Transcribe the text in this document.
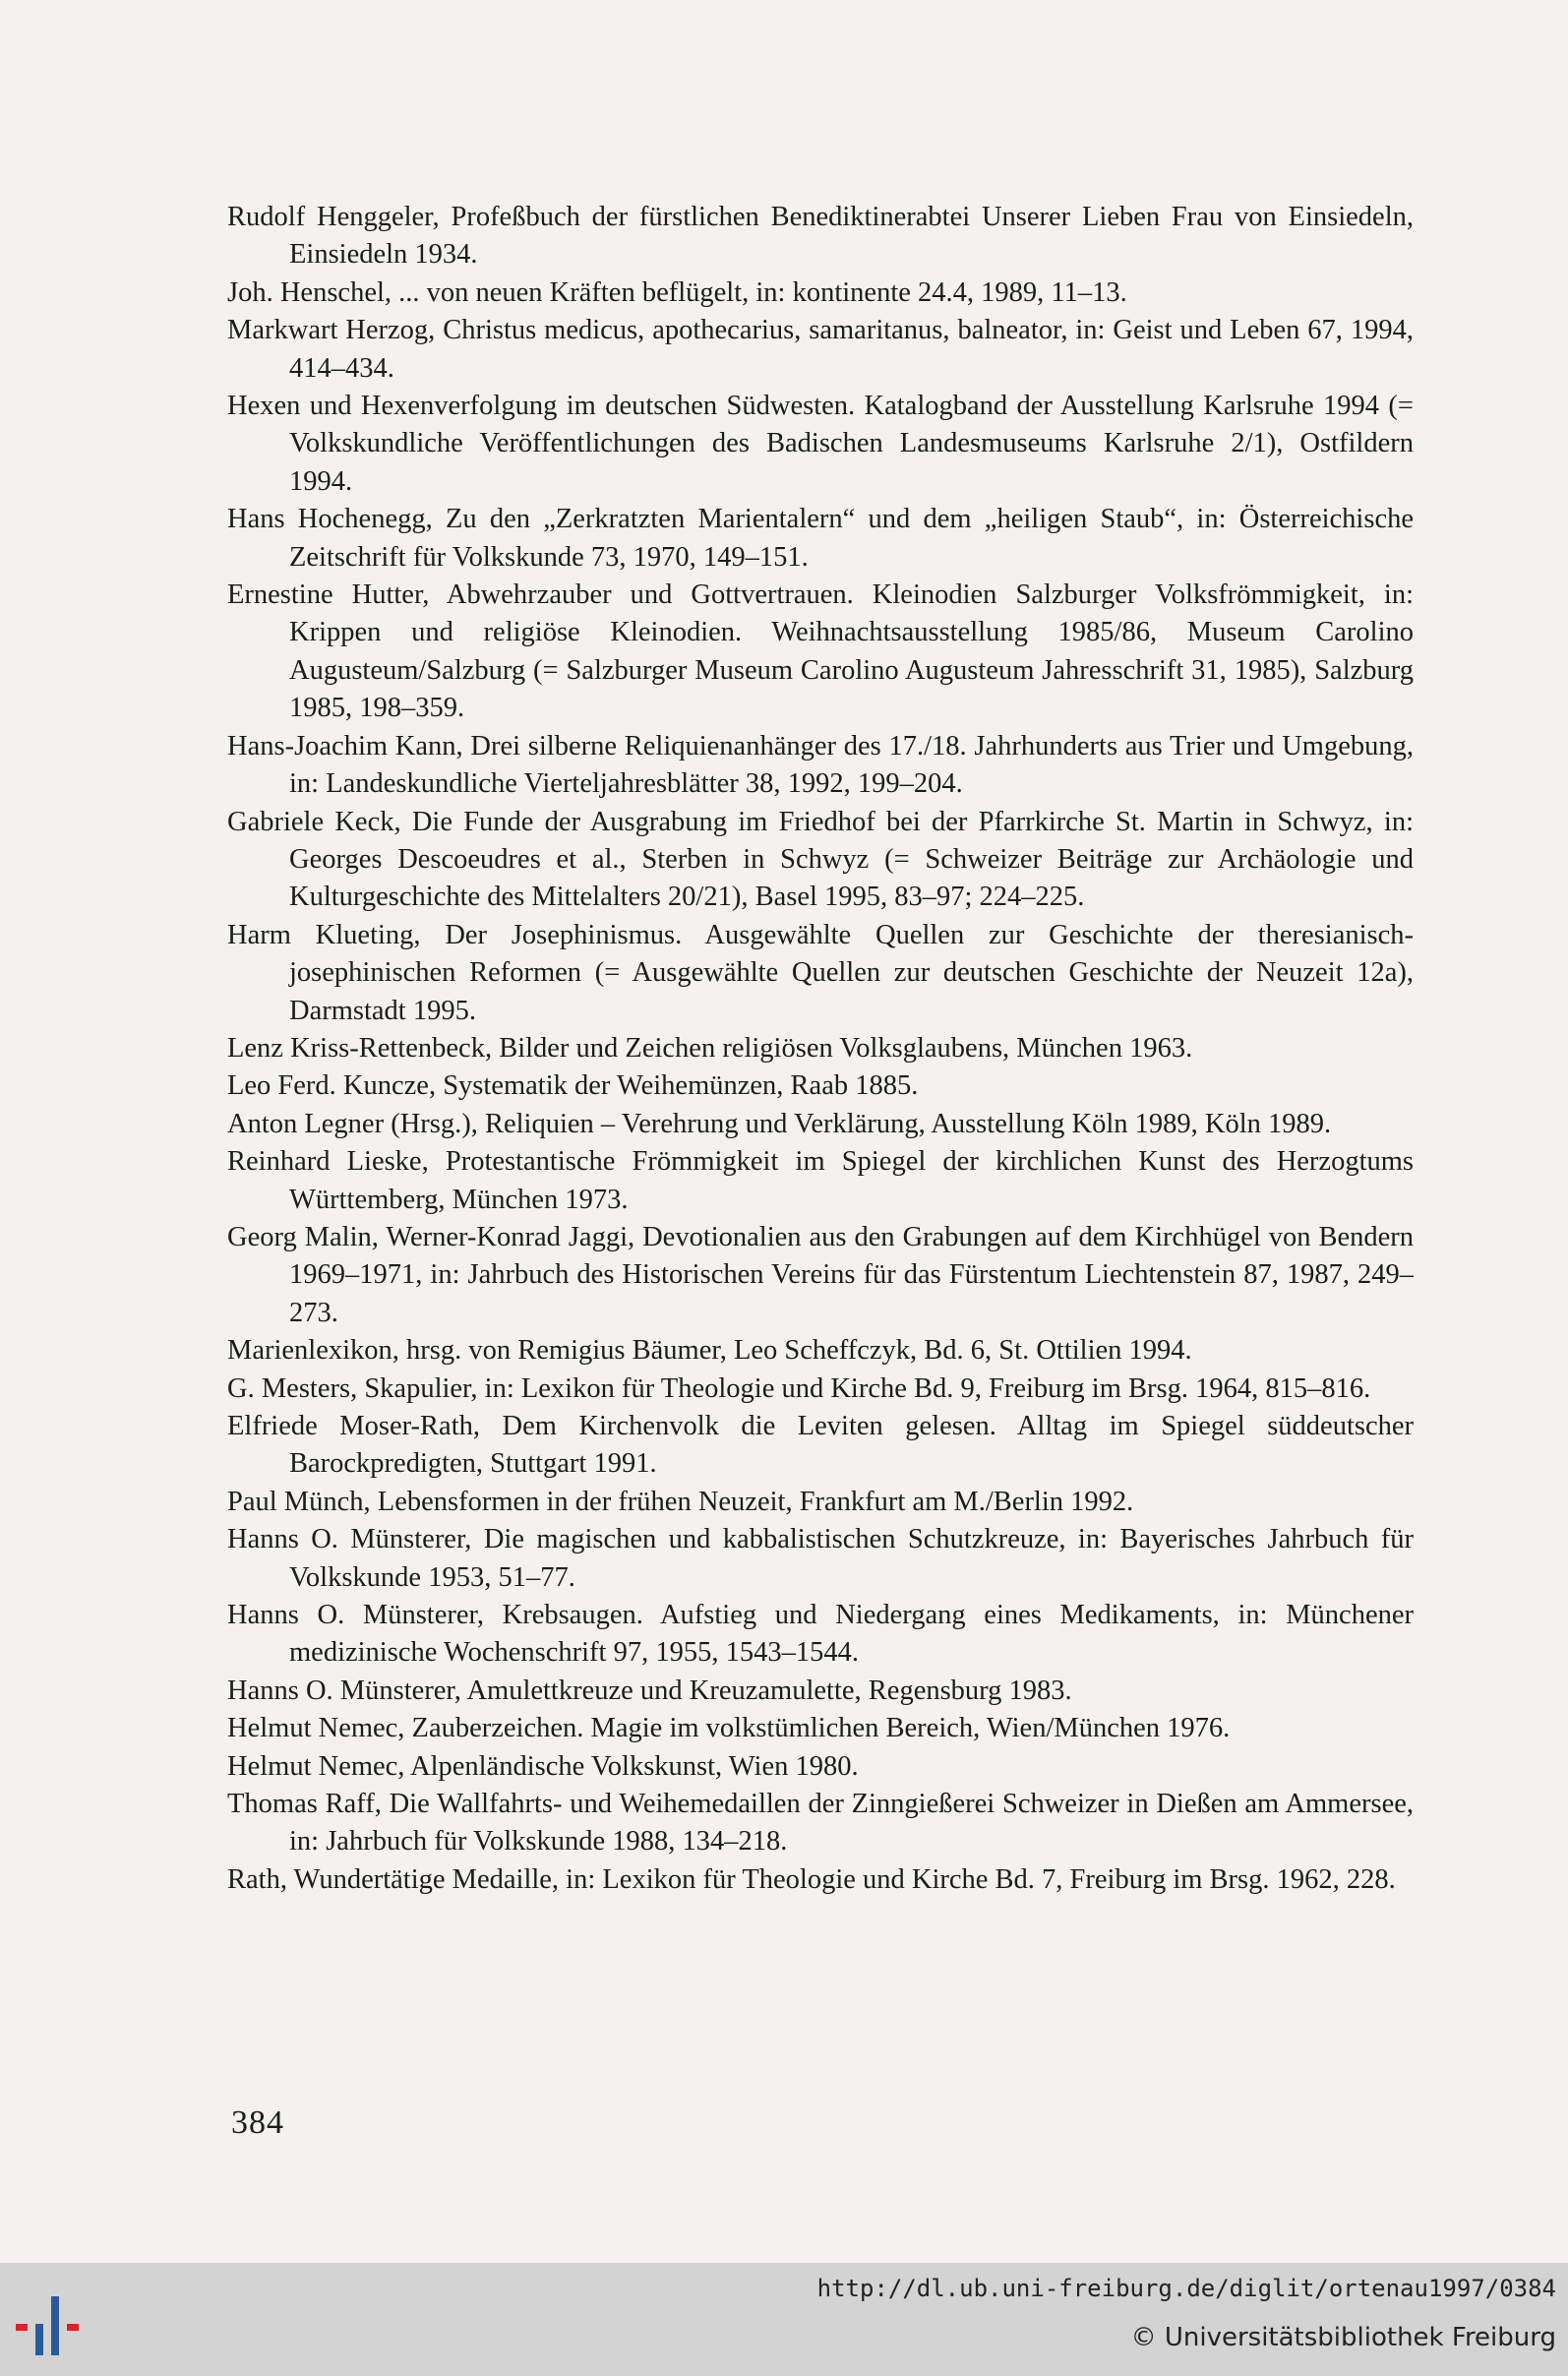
Rudolf Henggeler, Profeßbuch der fürstlichen Benediktinerabtei Unserer Lieben Frau von Einsiedeln, Einsiedeln 1934.
Joh. Henschel, ... von neuen Kräften beflügelt, in: kontinente 24.4, 1989, 11–13.
Markwart Herzog, Christus medicus, apothecarius, samaritanus, balneator, in: Geist und Leben 67, 1994, 414–434.
Hexen und Hexenverfolgung im deutschen Südwesten. Katalogband der Ausstellung Karlsruhe 1994 (= Volkskundliche Veröffentlichungen des Badischen Landesmuseums Karlsruhe 2/1), Ostfildern 1994.
Hans Hochenegg, Zu den „Zerkratzten Marientalern“ und dem „heiligen Staub“, in: Österreichische Zeitschrift für Volkskunde 73, 1970, 149–151.
Ernestine Hutter, Abwehrzauber und Gottvertrauen. Kleinodien Salzburger Volksfrömmigkeit, in: Krippen und religiöse Kleinodien. Weihnachtsausstellung 1985/86, Museum Carolino Augusteum/Salzburg (= Salzburger Museum Carolino Augusteum Jahresschrift 31, 1985), Salzburg 1985, 198–359.
Hans-Joachim Kann, Drei silberne Reliquienanhänger des 17./18. Jahrhunderts aus Trier und Umgebung, in: Landeskundliche Vierteljahresblätter 38, 1992, 199–204.
Gabriele Keck, Die Funde der Ausgrabung im Friedhof bei der Pfarrkirche St. Martin in Schwyz, in: Georges Descoeudres et al., Sterben in Schwyz (= Schweizer Beiträge zur Archäologie und Kulturgeschichte des Mittelalters 20/21), Basel 1995, 83–97; 224–225.
Harm Klueting, Der Josephinismus. Ausgewählte Quellen zur Geschichte der theresianisch-josephinischen Reformen (= Ausgewählte Quellen zur deutschen Geschichte der Neuzeit 12a), Darmstadt 1995.
Lenz Kriss-Rettenbeck, Bilder und Zeichen religiösen Volksglaubens, München 1963.
Leo Ferd. Kuncze, Systematik der Weihemünzen, Raab 1885.
Anton Legner (Hrsg.), Reliquien – Verehrung und Verklärung, Ausstellung Köln 1989, Köln 1989.
Reinhard Lieske, Protestantische Frömmigkeit im Spiegel der kirchlichen Kunst des Herzogtums Württemberg, München 1973.
Georg Malin, Werner-Konrad Jaggi, Devotionalien aus den Grabungen auf dem Kirchhügel von Bendern 1969–1971, in: Jahrbuch des Historischen Vereins für das Fürstentum Liechtenstein 87, 1987, 249–273.
Marienlexikon, hrsg. von Remigius Bäumer, Leo Scheffczyk, Bd. 6, St. Ottilien 1994.
G. Mesters, Skapulier, in: Lexikon für Theologie und Kirche Bd. 9, Freiburg im Brsg. 1964, 815–816.
Elfriede Moser-Rath, Dem Kirchenvolk die Leviten gelesen. Alltag im Spiegel süddeutscher Barockpredigten, Stuttgart 1991.
Paul Münch, Lebensformen in der frühen Neuzeit, Frankfurt am M./Berlin 1992.
Hanns O. Münsterer, Die magischen und kabbalistischen Schutzkreuze, in: Bayerisches Jahrbuch für Volkskunde 1953, 51–77.
Hanns O. Münsterer, Krebsaugen. Aufstieg und Niedergang eines Medikaments, in: Münchener medizinische Wochenschrift 97, 1955, 1543–1544.
Hanns O. Münsterer, Amulettkreuze und Kreuzamulette, Regensburg 1983.
Helmut Nemec, Zauberzeichen. Magie im volkstümlichen Bereich, Wien/München 1976.
Helmut Nemec, Alpenländische Volkskunst, Wien 1980.
Thomas Raff, Die Wallfahrts- und Weihemedaillen der Zinngießerei Schweizer in Dießen am Ammersee, in: Jahrbuch für Volkskunde 1988, 134–218.
Rath, Wundertätige Medaille, in: Lexikon für Theologie und Kirche Bd. 7, Freiburg im Brsg. 1962, 228.
384
http://dl.ub.uni-freiburg.de/diglit/ortenau1997/0384
© Universitätsbibliothek Freiburg
